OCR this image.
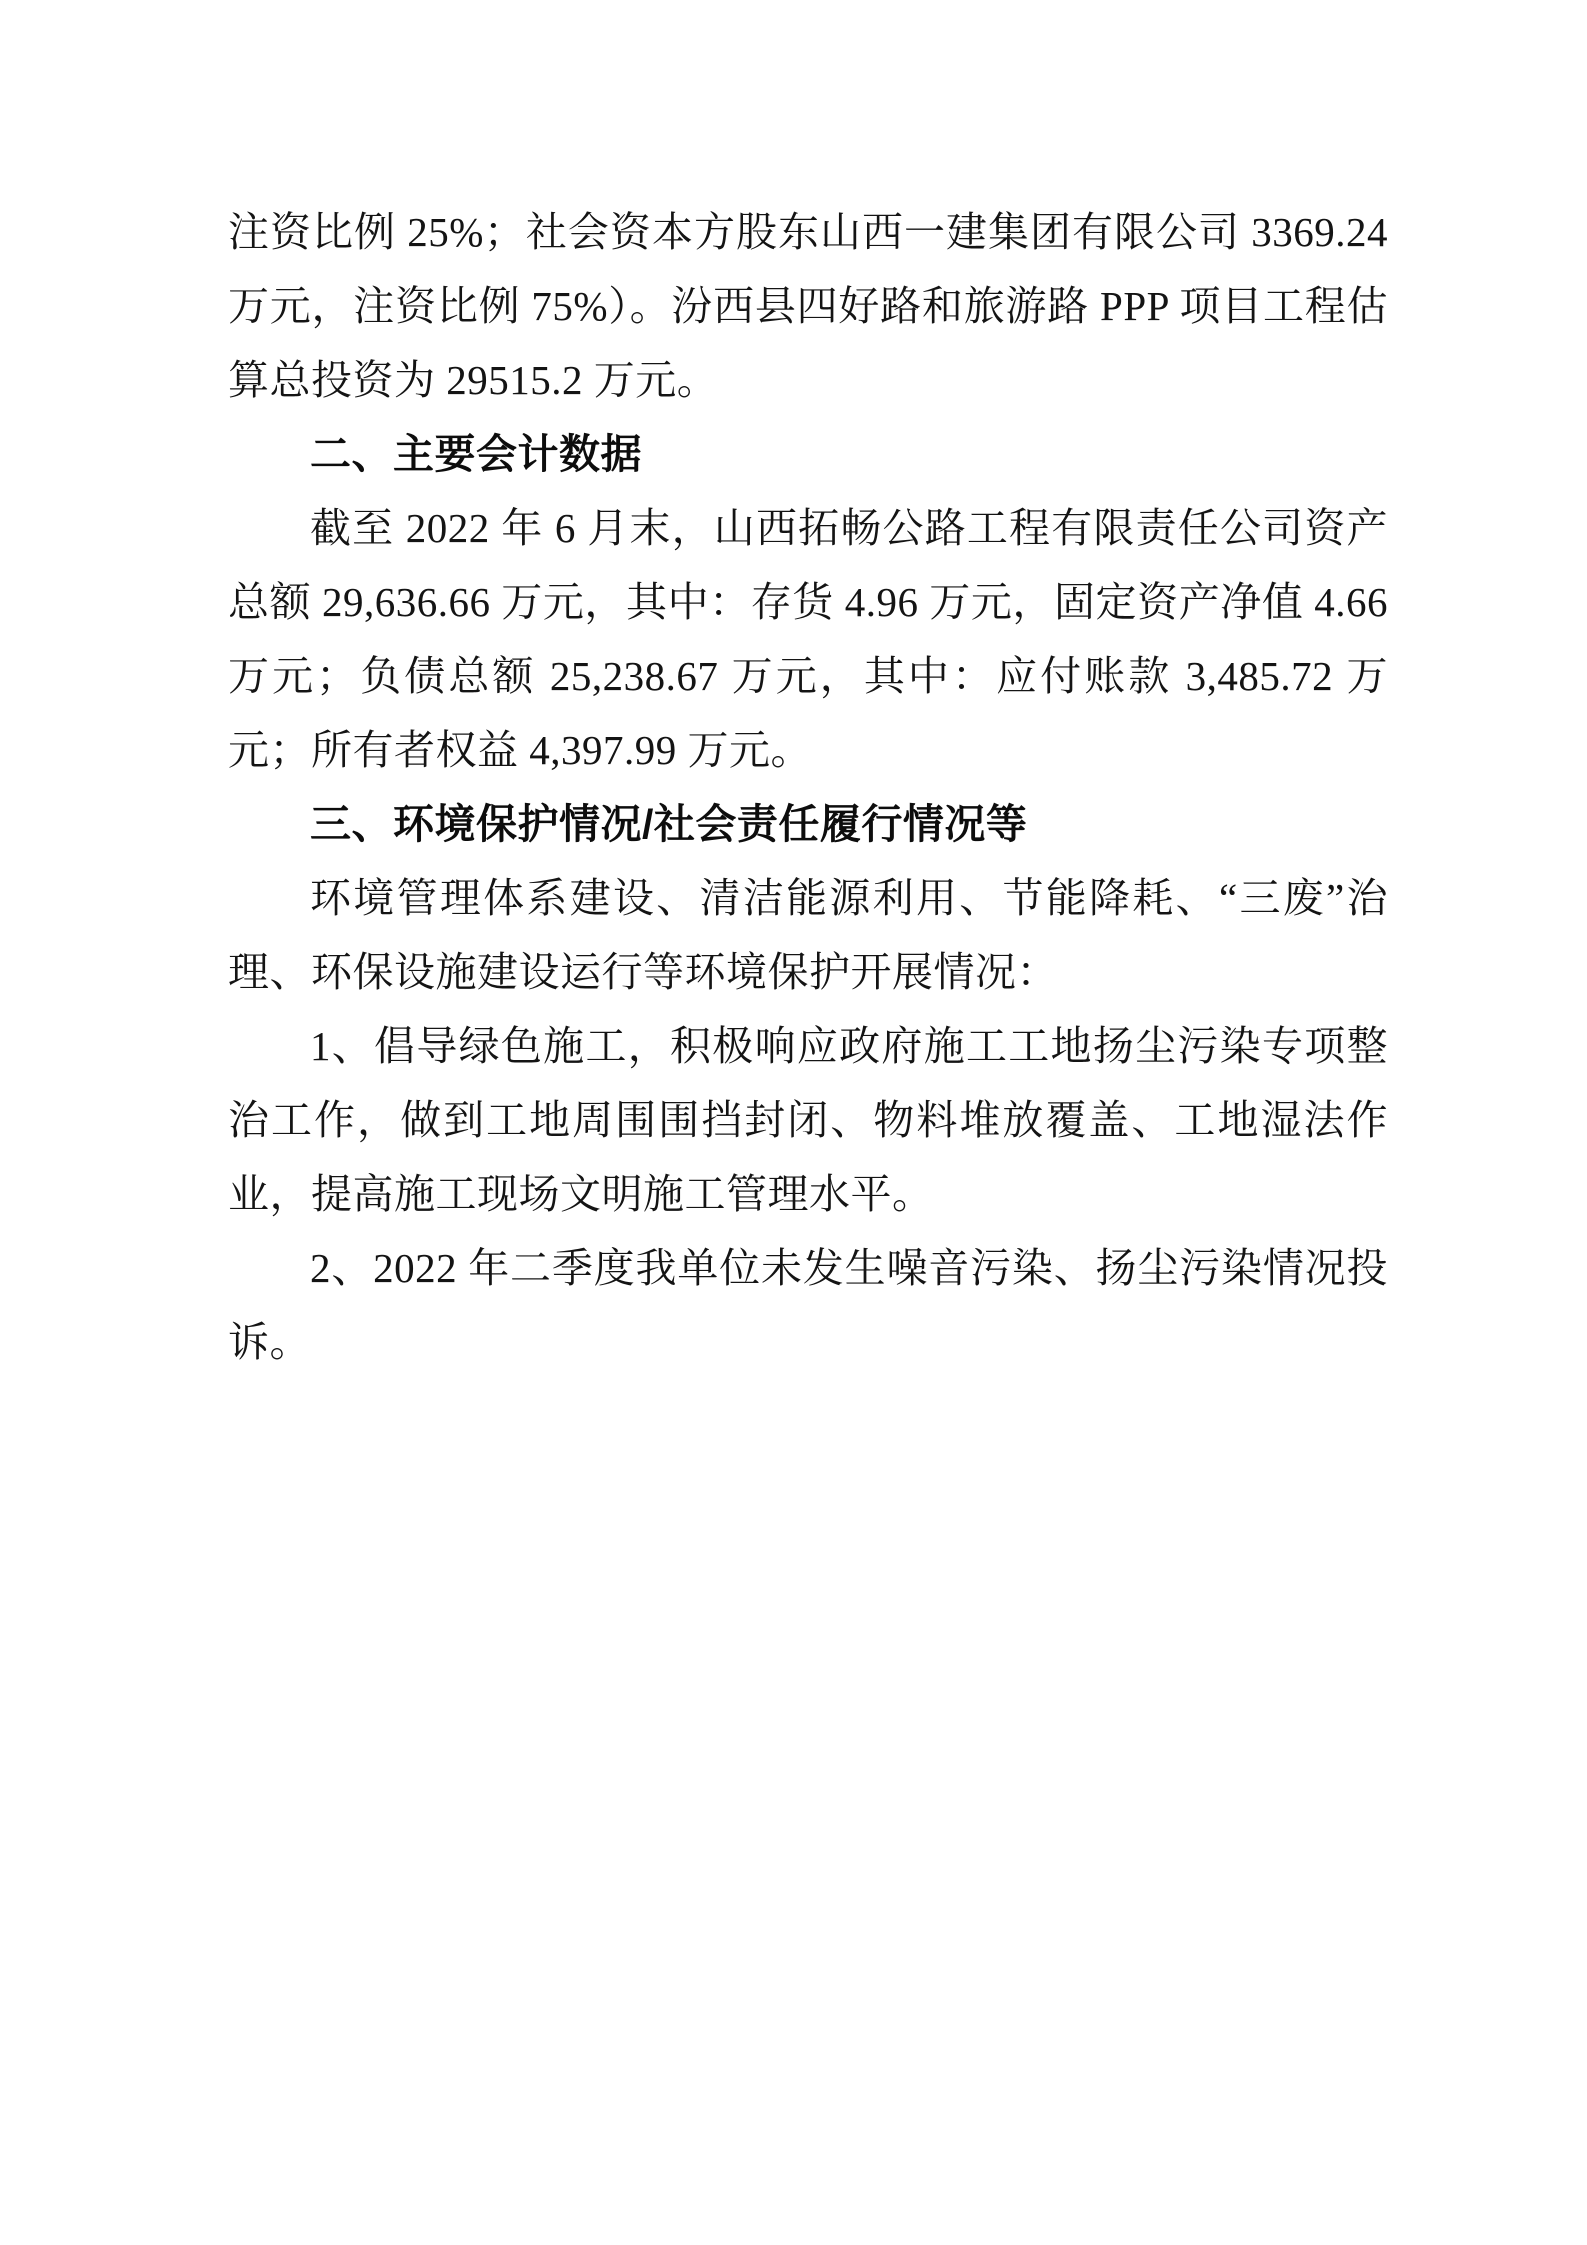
注资比例 25%；社会资本方股东山西一建集团有限公司 3369.24 万元，注资比例 75%）。汾西县四好路和旅游路 PPP 项目工程估算总投资为 29515.2 万元。

二、主要会计数据

截至 2022 年 6 月末，山西拓畅公路工程有限责任公司资产总额 29,636.66 万元，其中：存货 4.96 万元，固定资产净值 4.66 万元；负债总额 25,238.67 万元，其中：应付账款 3,485.72 万元；所有者权益 4,397.99 万元。

三、环境保护情况/社会责任履行情况等

环境管理体系建设、清洁能源利用、节能降耗、“三废”治理、环保设施建设运行等环境保护开展情况：

1、倡导绿色施工，积极响应政府施工工地扬尘污染专项整治工作，做到工地周围围挡封闭、物料堆放覆盖、工地湿法作业，提高施工现场文明施工管理水平。

2、2022 年二季度我单位未发生噪音污染、扬尘污染情况投诉。
